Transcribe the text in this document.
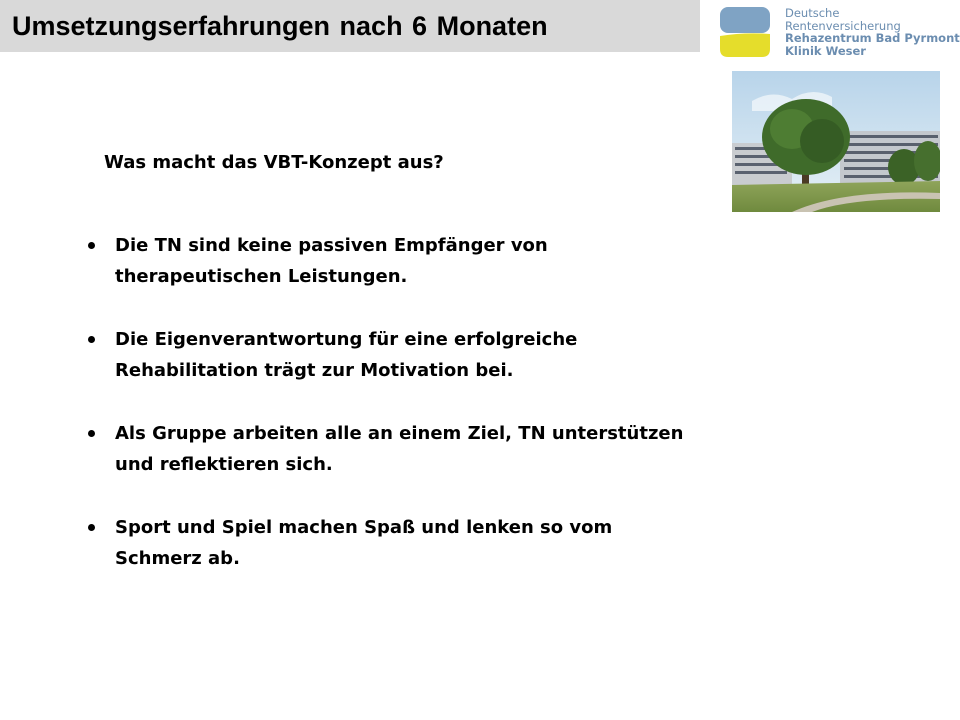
Umsetzungserfahrungen nach 6 Monaten	Deutsche
Rentenversicherung
Rehazentrum Bad Pyrmont
Klinik Weser
Was macht das VBT-Konzept aus?
Die TN sind keine passiven Empfänger von therapeutischen Leistungen.
Die Eigenverantwortung für eine erfolgreiche Rehabilitation trägt zur Motivation bei.
Als Gruppe arbeiten alle an einem Ziel, TN unterstützen und reflektieren sich.
Sport und Spiel machen Spaß und lenken so vom Schmerz ab.
